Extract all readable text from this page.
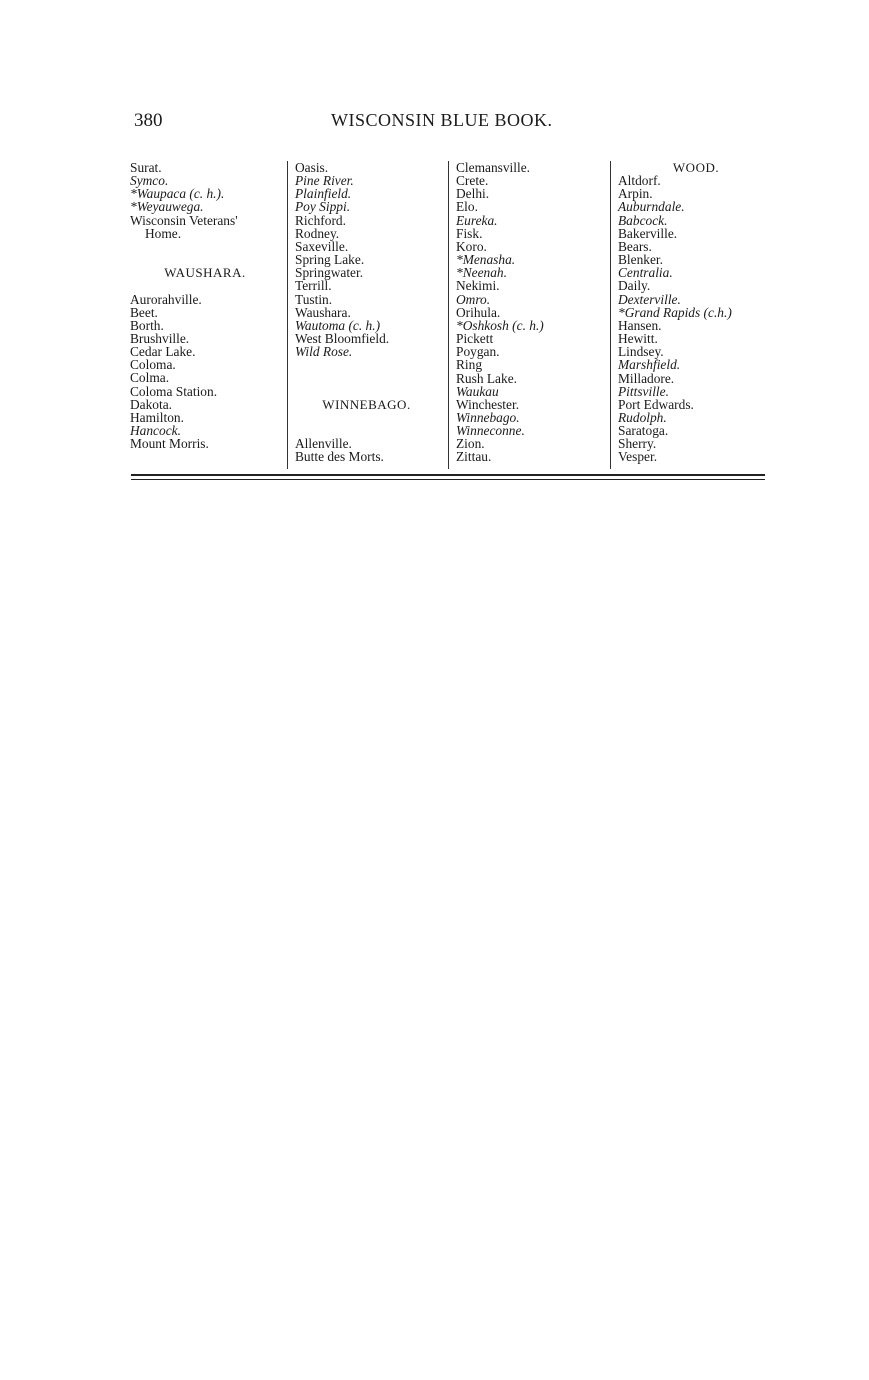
380	WISCONSIN BLUE BOOK.
Surat.
Symco.
*Waupaca (c. h.).
*Weyauwega.
Wisconsin Veterans'
Home.
WAUSHARA.
Aurorahville.
Beet.
Borth.
Brushville.
Cedar Lake.
Coloma.
Colma.
Coloma Station.
Dakota.
Hamilton.
Hancock.
Mount Morris.
Oasis.
Pine River.
Plainfield.
Poy Sippi.
Richford.
Rodney.
Saxeville.
Spring Lake.
Springwater.
Terrill.
Tustin.
Waushara.
Wautoma (c. h.)
West Bloomfield.
Wild Rose.
WINNEBAGO.
Allenville.
Butte des Morts.
Clemansville.
Crete.
Delhi.
Elo.
Eureka.
Fisk.
Koro.
*Menasha.
*Neenah.
Nekimi.
Omro.
Orihula.
*Oshkosh (c. h.)
Pickett
Poygan.
Ring
Rush Lake.
Waukau
Winchester.
Winnebago.
Winneconne.
Zion.
Zittau.
WOOD.
Altdorf.
Arpin.
Auburndale.
Babcock.
Bakerville.
Bears.
Blenker.
Centralia.
Daily.
Dexterville.
*Grand Rapids (c.h.)
Hansen.
Hewitt.
Lindsey.
Marshfield.
Milladore.
Pittsville.
Port Edwards.
Rudolph.
Saratoga.
Sherry.
Vesper.
